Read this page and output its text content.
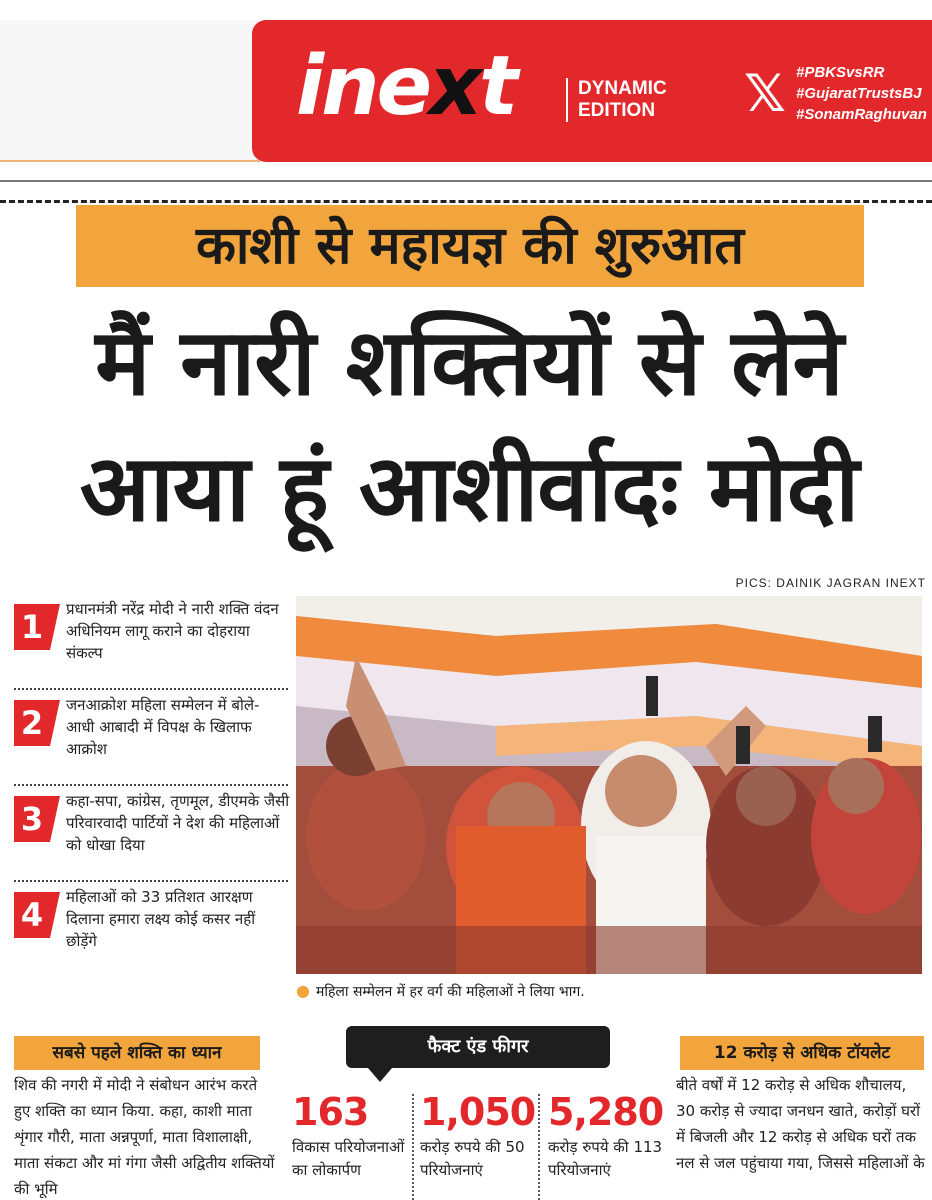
inext	DYNAMIC
EDITION	𝕏 #PBKSvsRR
#GujaratTrustsBJ
#SonamRaghuvan
काशी से महायज्ञ की शुरुआत
मैं नारी शक्तियों से लेने
आया हूं आशीर्वादः मोदी
PICS: DAINIK JAGRAN INEXT
1	प्रधानमंत्री नरेंद्र मोदी ने नारी शक्ति वंदन अधिनियम लागू कराने का दोहराया संकल्प
2	जनआक्रोश महिला सम्मेलन में बोले- आधी आबादी में विपक्ष के खिलाफ आक्रोश
3	कहा-सपा, कांग्रेस, तृणमूल, डीएमके जैसी परिवारवादी पार्टियों ने देश की महिलाओं को धोखा दिया
4	महिलाओं को 33 प्रतिशत आरक्षण दिलाना हमारा लक्ष्य कोई कसर नहीं छोड़ेंगे
● महिला सम्मेलन में हर वर्ग की महिलाओं ने लिया भाग.
सबसे पहले शक्ति का ध्यान
शिव की नगरी में मोदी ने संबोधन आरंभ करते हुए शक्ति का ध्यान किया. कहा, काशी माता शृंगार गौरी, माता अन्नपूर्णा, माता विशालाक्षी, माता संकटा और मां गंगा जैसी अद्वितीय शक्तियों की भूमि
फैक्ट एंड फीगर
163
विकास परियोजनाओं का लोकार्पण
1,050
करोड़ रुपये की 50 परियोजनाएं
5,280
करोड़ रुपये की 113 परियोजनाएं
12 करोड़ से अधिक टॉयलेट
बीते वर्षों में 12 करोड़ से अधिक शौचालय, 30 करोड़ से ज्यादा जनधन खाते, करोड़ों घरों में बिजली और 12 करोड़ से अधिक घरों तक नल से जल पहुंचाया गया, जिससे महिलाओं के
